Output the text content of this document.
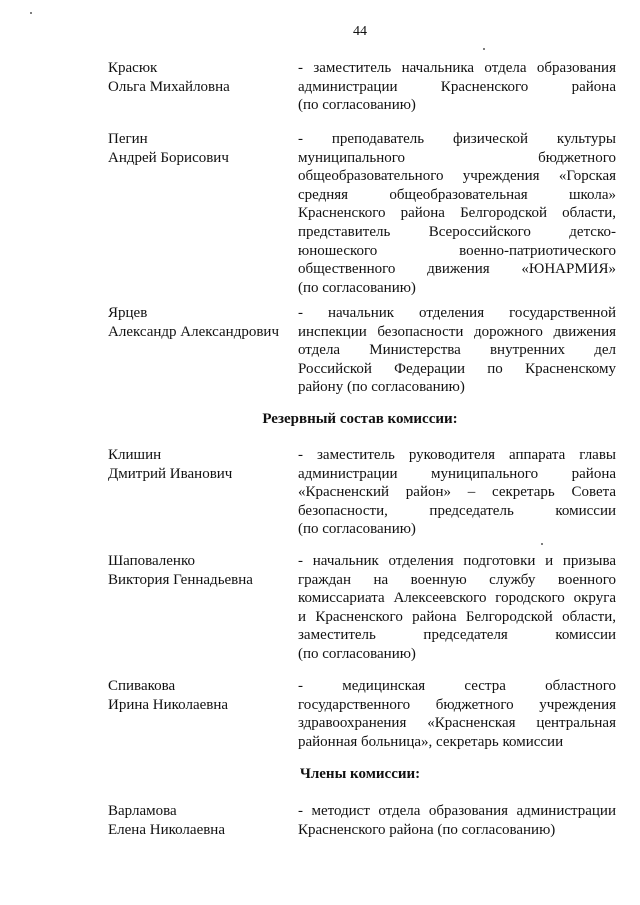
44
Красюк
Ольга Михайловна
- заместитель начальника отдела образования
администрации Красненского района
(по согласованию)
Пегин
Андрей Борисович
- преподаватель физической культуры
муниципального бюджетного
общеобразовательного учреждения «Горская
средняя общеобразовательная школа»
Красненского района Белгородской области,
представитель Всероссийского детско-
юношеского военно-патриотического
общественного движения «ЮНАРМИЯ»
(по согласованию)
Ярцев
Александр Александрович
- начальник отделения государственной
инспекции безопасности дорожного движения
отдела Министерства внутренних дел
Российской Федерации по Красненскому
району (по согласованию)
Резервный состав комиссии:
Клишин
Дмитрий Иванович
- заместитель руководителя аппарата главы
администрации муниципального района
«Красненский район» – секретарь Совета
безопасности, председатель комиссии
(по согласованию)
Шаповаленко
Виктория Геннадьевна
- начальник отделения подготовки и призыва
граждан на военную службу военного
комиссариата Алексеевского городского округа
и Красненского района Белгородской области,
заместитель председателя комиссии
(по согласованию)
Спивакова
Ирина Николаевна
- медицинская сестра областного
государственного бюджетного учреждения
здравоохранения «Красненская центральная
районная больница», секретарь комиссии
Члены комиссии:
Варламова
Елена Николаевна
- методист отдела образования администрации
Красненского района (по согласованию)
